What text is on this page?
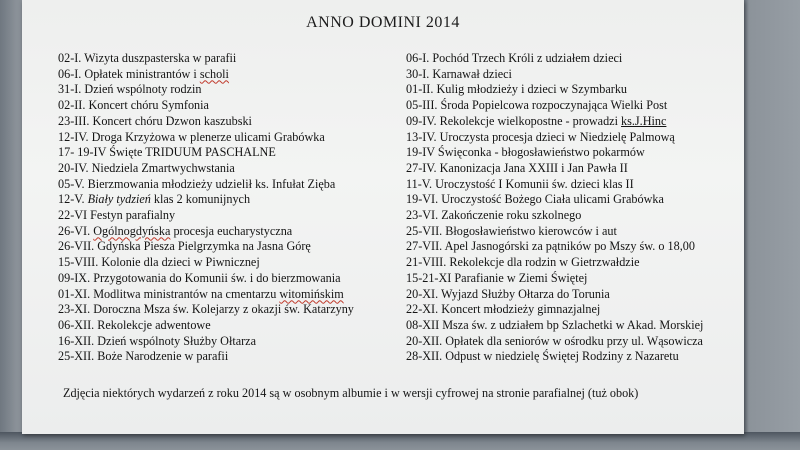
ANNO DOMINI 2014
02-I. Wizyta duszpasterska w parafii
06-I. Opłatek ministrantów i scholi
31-I. Dzień wspólnoty rodzin
02-II. Koncert chóru Symfonia
23-III. Koncert chóru Dzwon kaszubski
12-IV. Droga Krzyżowa w plenerze ulicami Grabówka
17- 19-IV Święte TRIDUUM PASCHALNE
20-IV. Niedziela Zmartwychwstania
05-V. Bierzmowania młodzieży udzielił ks. Infułat Zięba
12-V. Biały tydzień klas 2 komunijnych
22-VI Festyn parafialny
26-VI. Ogólnogdyńska procesja eucharystyczna
26-VII. Gdyńska Piesza Pielgrzymka na Jasna Górę
15-VIII. Kolonie dla dzieci w Piwnicznej
09-IX. Przygotowania do Komunii św. i do bierzmowania
01-XI. Modlitwa ministrantów na cmentarzu witomińskim
23-XI. Doroczna Msza św. Kolejarzy z okazji św. Katarzyny
06-XII. Rekolekcje adwentowe
16-XII. Dzień wspólnoty Służby Ołtarza
25-XII. Boże Narodzenie w parafii
06-I. Pochód Trzech Króli z udziałem dzieci
30-I. Karnawał dzieci
01-II. Kulig młodzieży i dzieci w Szymbarku
05-III. Środa Popielcowa rozpoczynająca Wielki Post
09-IV. Rekolekcje wielkopostne - prowadzi ks.J.Hinc
13-IV. Uroczysta procesja dzieci w Niedzielę Palmową
19-IV Święconka - błogosławieństwo pokarmów
27-IV. Kanonizacja Jana XXIII i Jan Pawła II
11-V. Uroczystość I Komunii św. dzieci klas II
19-VI. Uroczystość Bożego Ciała ulicami Grabówka
23-VI. Zakończenie roku szkolnego
25-VII. Błogosławieństwo kierowców i aut
27-VII. Apel Jasnogórski za pątników po Mszy św. o 18,00
21-VIII. Rekolekcje dla rodzin w Gietrzwałdzie
15-21-XI Parafianie w Ziemi Świętej
20-XI. Wyjazd Służby Ołtarza do Torunia
22-XI. Koncert młodzieży gimnazjalnej
08-XII Msza św. z udziałem bp Szlachetki w Akad. Morskiej
20-XII. Opłatek dla seniorów w ośrodku przy ul. Wąsowicza
28-XII. Odpust w niedzielę Świętej Rodziny z Nazaretu
Zdjęcia niektórych wydarzeń z roku 2014 są w osobnym albumie i w wersji cyfrowej na stronie parafialnej (tuż obok)
